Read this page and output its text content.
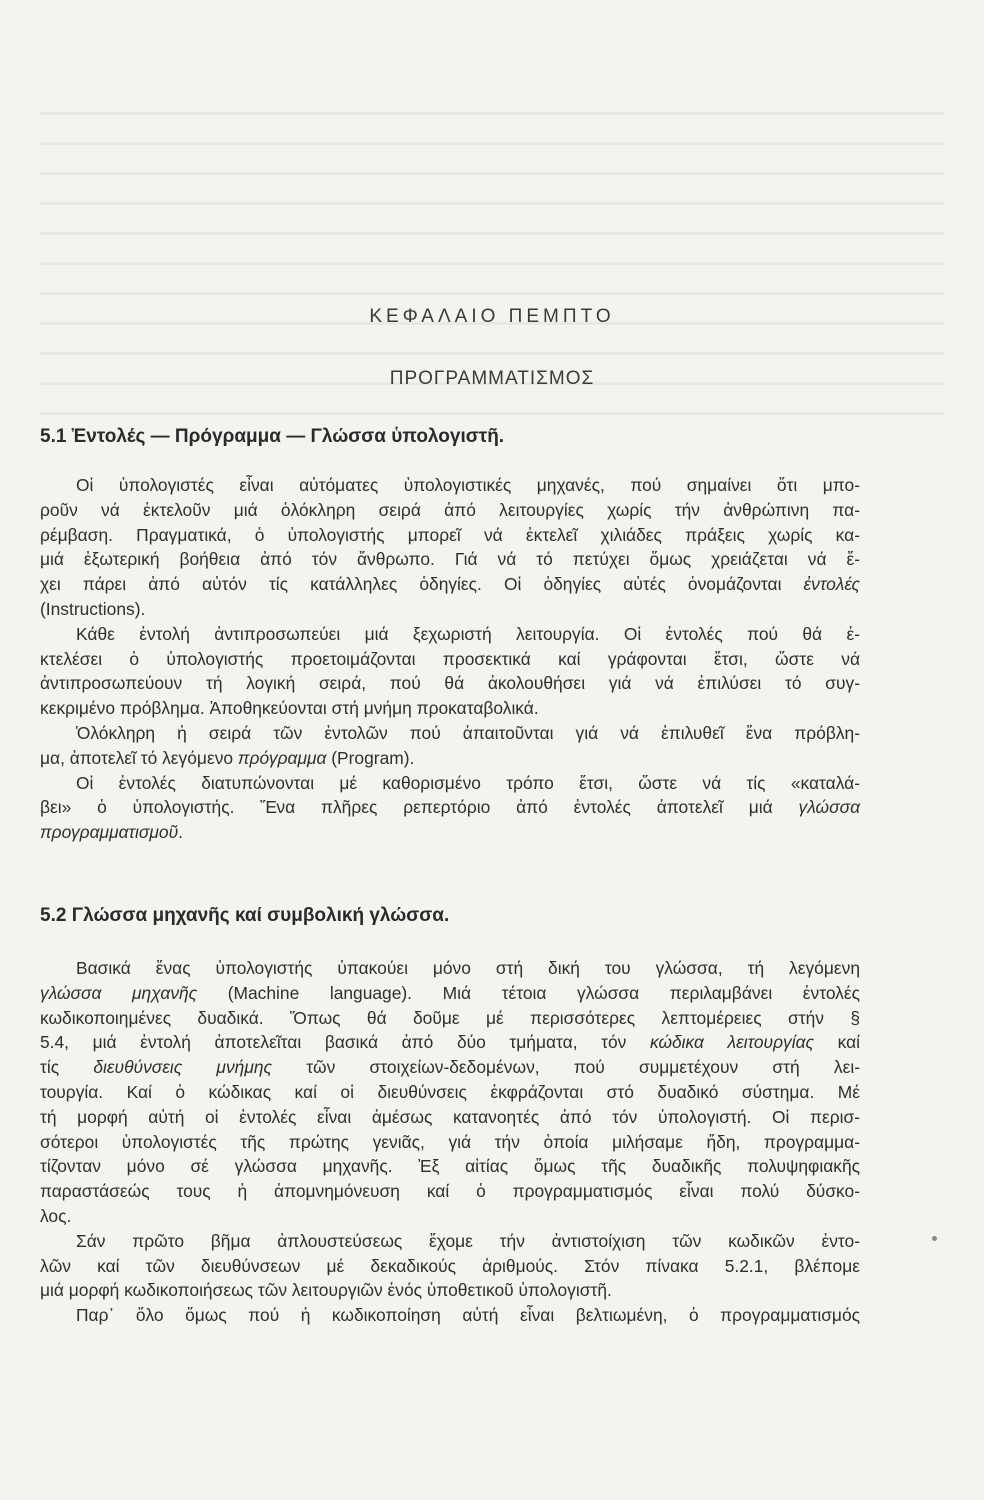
ΚΕΦΑΛΑΙΟ ΠΕΜΠΤΟ
ΠΡΟΓΡΑΜΜΑΤΙΣΜΟΣ
5.1 Ἐντολές — Πρόγραμμα — Γλώσσα ὑπολογιστῆ.
Οἱ ὑπολογιστές εἶναι αὐτόματες ὑπολογιστικές μηχανές, πού σημαίνει ὅτι μπο-
ροῦν νά ἐκτελοῦν μιά ὁλόκληρη σειρά ἀπό λειτουργίες χωρίς τήν ἀνθρώπινη πα-
ρέμβαση. Πραγματικά, ὁ ὑπολογιστής μπορεῖ νά ἐκτελεῖ χιλιάδες πράξεις χωρίς κα-
μιά ἐξωτερική βοήθεια ἀπό τόν ἄνθρωπο. Γιά νά τό πετύχει ὅμως χρειάζεται νά ἔ-
χει πάρει ἀπό αὐτόν τίς κατάλληλες ὁδηγίες. Οἱ ὁδηγίες αὐτές ὀνομάζονται ἐντολές
(Instructions).
Κάθε ἐντολή ἀντιπροσωπεύει μιά ξεχωριστή λειτουργία. Οἱ ἐντολές πού θά ἐ-
κτελέσει ὁ ὑπολογιστής προετοιμάζονται προσεκτικά καί γράφονται ἔτσι, ὥστε νά
ἀντιπροσωπεύουν τή λογική σειρά, πού θά ἀκολουθήσει γιά νά ἐπιλύσει τό συγ-
κεκριμένο πρόβλημα. Ἀποθηκεύονται στή μνήμη προκαταβολικά.
Ὁλόκληρη ἡ σειρά τῶν ἐντολῶν πού ἀπαιτοῦνται γιά νά ἐπιλυθεῖ ἕνα πρόβλη-
μα, ἀποτελεῖ τό λεγόμενο πρόγραμμα (Program).
Οἱ ἐντολές διατυπώνονται μέ καθορισμένο τρόπο ἔτσι, ὥστε νά τίς «καταλά-
βει» ὁ ὑπολογιστής. Ἕνα πλῆρες ρεπερτόριο ἀπό ἐντολές ἀποτελεῖ μιά γλώσσα
προγραμματισμοῦ.
5.2 Γλώσσα μηχανῆς καί συμβολική γλώσσα.
Βασικά ἕνας ὑπολογιστής ὑπακούει μόνο στή δική του γλώσσα, τή λεγόμενη
γλώσσα μηχανῆς (Machine language). Μιά τέτοια γλώσσα περιλαμβάνει ἐντολές
κωδικοποιημένες δυαδικά. Ὅπως θά δοῦμε μέ περισσότερες λεπτομέρειες στήν §
5.4, μιά ἐντολή ἀποτελεῖται βασικά ἀπό δύο τμήματα, τόν κώδικα λειτουργίας καί
τίς διευθύνσεις μνήμης τῶν στοιχείων-δεδομένων, πού συμμετέχουν στή λει-
τουργία. Καί ὁ κώδικας καί οἱ διευθύνσεις ἐκφράζονται στό δυαδικό σύστημα. Μέ
τή μορφή αὐτή οἱ ἐντολές εἶναι ἀμέσως κατανοητές ἀπό τόν ὑπολογιστή. Οἱ περισ-
σότεροι ὑπολογιστές τῆς πρώτης γενιᾶς, γιά τήν ὁποία μιλήσαμε ἤδη, προγραμμα-
τίζονταν μόνο σέ γλώσσα μηχανῆς. Ἐξ αἰτίας ὅμως τῆς δυαδικῆς πολυψηφιακῆς
παραστάσεώς τους ἡ ἀπομνημόνευση καί ὁ προγραμματισμός εἶναι πολύ δύσκο-
λος.
Σάν πρῶτο βῆμα ἀπλουστεύσεως ἔχομε τήν ἀντιστοίχιση τῶν κωδικῶν ἐντο-
λῶν καί τῶν διευθύνσεων μέ δεκαδικούς ἀριθμούς. Στόν πίνακα 5.2.1, βλέπομε
μιά μορφή κωδικοποιήσεως τῶν λειτουργιῶν ἑνός ὑποθετικοῦ ὑπολογιστῆ.
Παρ᾿ ὅλο ὅμως πού ἡ κωδικοποίηση αὐτή εἶναι βελτιωμένη, ὁ προγραμματισμός
